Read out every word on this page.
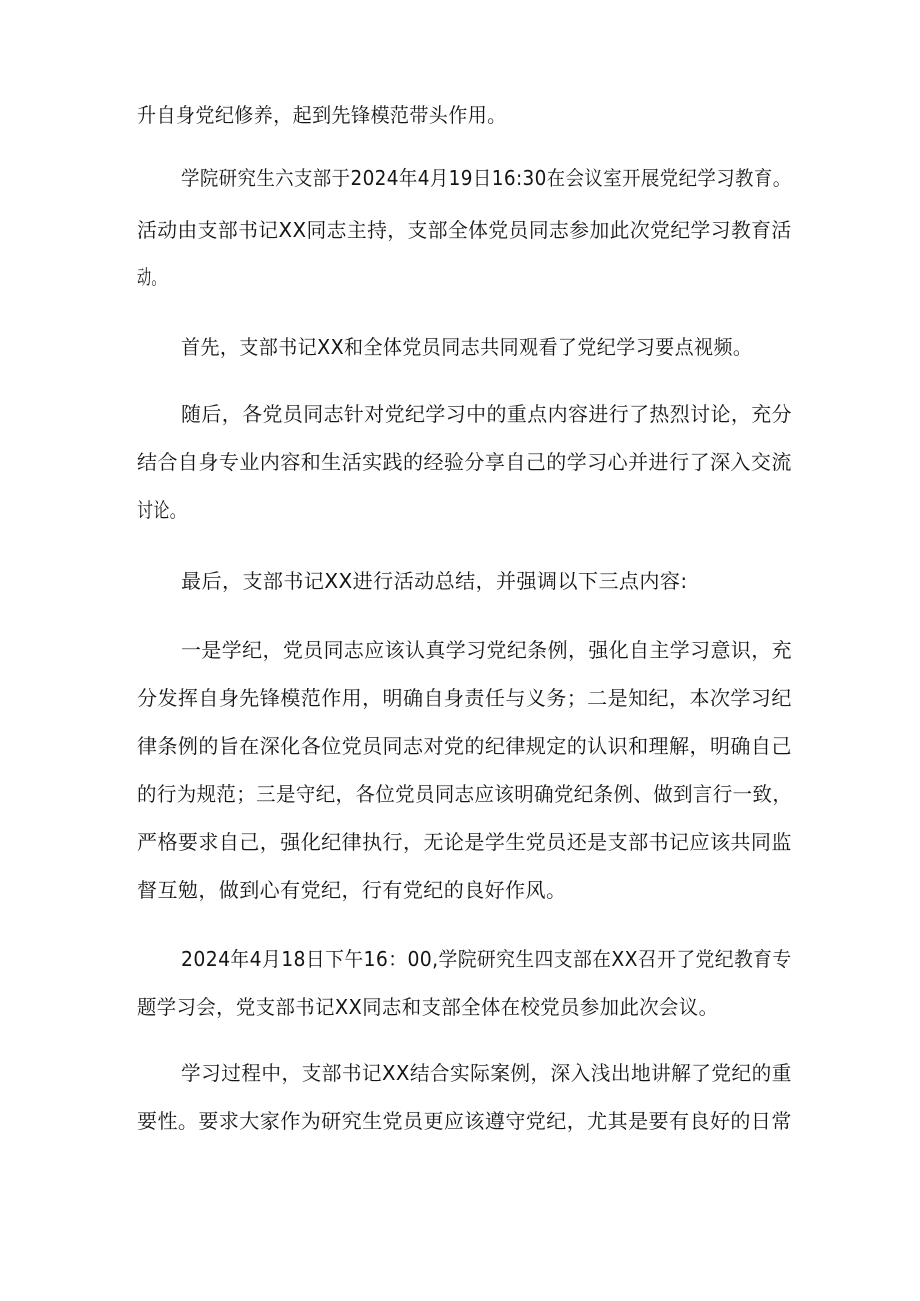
升自身党纪修养，起到先锋模范带头作用。
学院研究生六支部于2024年4月19日16:30在会议室开展党纪学习教育。
活动由支部书记XX同志主持，支部全体党员同志参加此次党纪学习教育活
动。
首先，支部书记XX和全体党员同志共同观看了党纪学习要点视频。
随后，各党员同志针对党纪学习中的重点内容进行了热烈讨论，充分
结合自身专业内容和生活实践的经验分享自己的学习心并进行了深入交流
讨论。
最后，支部书记XX进行活动总结，并强调以下三点内容:
一是学纪，党员同志应该认真学习党纪条例，强化自主学习意识，充
分发挥自身先锋模范作用，明确自身责任与义务；二是知纪，本次学习纪
律条例的旨在深化各位党员同志对党的纪律规定的认识和理解，明确自己
的行为规范；三是守纪，各位党员同志应该明确党纪条例、做到言行一致，
严格要求自己，强化纪律执行，无论是学生党员还是支部书记应该共同监
督互勉，做到心有党纪，行有党纪的良好作风。
2024年4月18日下午16：00,学院研究生四支部在XX召开了党纪教育专
题学习会，党支部书记XX同志和支部全体在校党员参加此次会议。
学习过程中，支部书记XX结合实际案例，深入浅出地讲解了党纪的重
要性。要求大家作为研究生党员更应该遵守党纪，尤其是要有良好的日常
